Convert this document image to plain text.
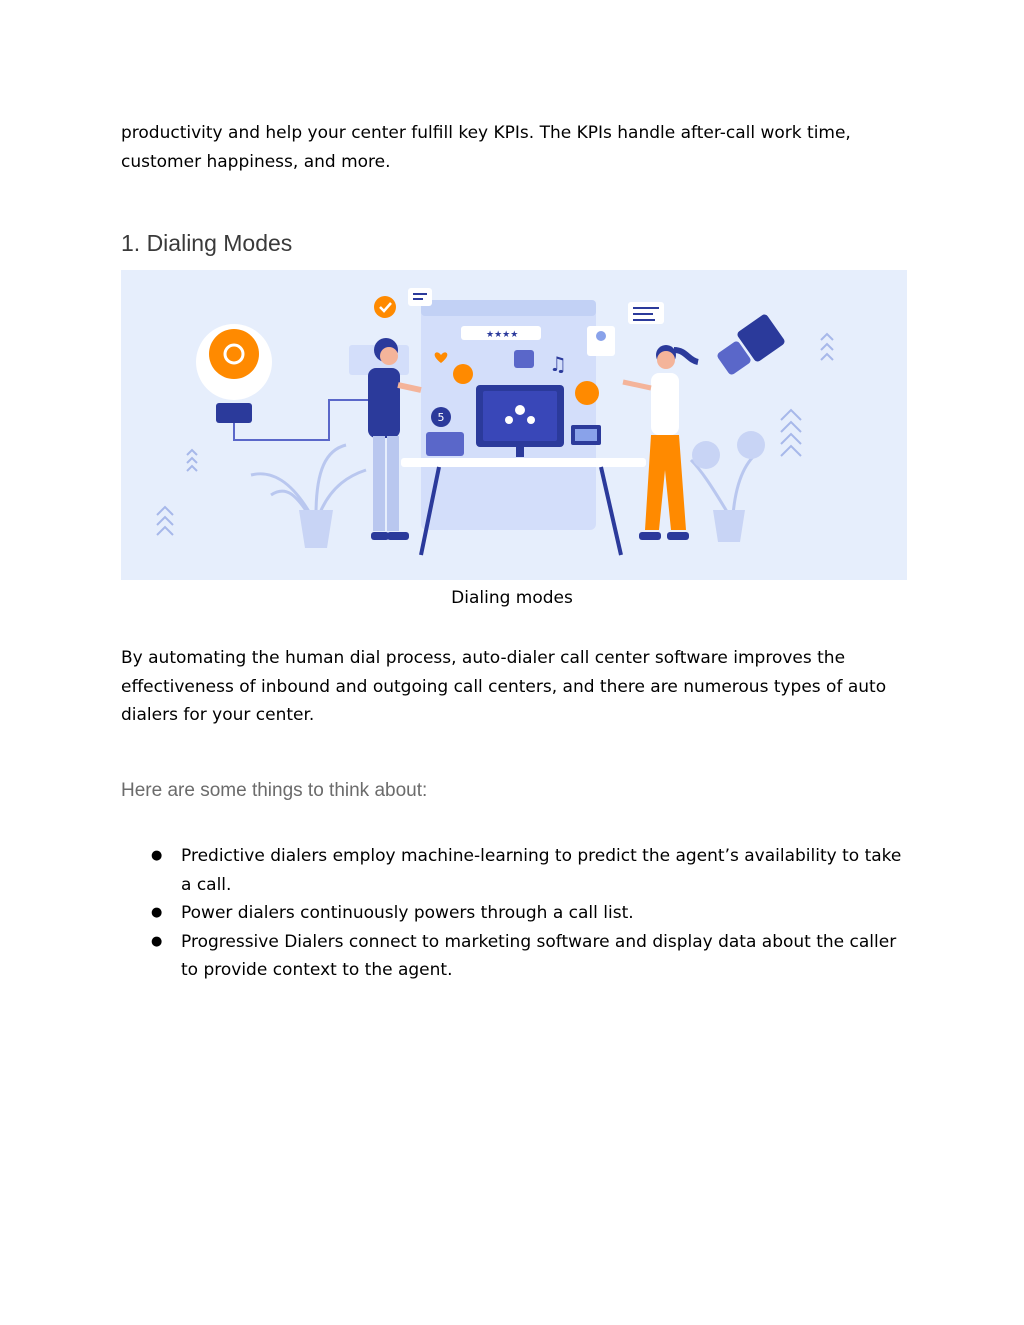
productivity and help your center fulfill key KPIs. The KPIs handle after-call work time, customer happiness, and more.

1. Dialing Modes
★★★★
5
♫
Dialing modes

By automating the human dial process, auto-dialer call center software improves the effectiveness of inbound and outgoing call centers, and there are numerous types of auto dialers for your center.

Here are some things to think about:
● Predictive dialers employ machine-learning to predict the agent’s availability to take a call.
● Power dialers continuously powers through a call list.
● Progressive Dialers connect to marketing software and display data about the caller to provide context to the agent.
